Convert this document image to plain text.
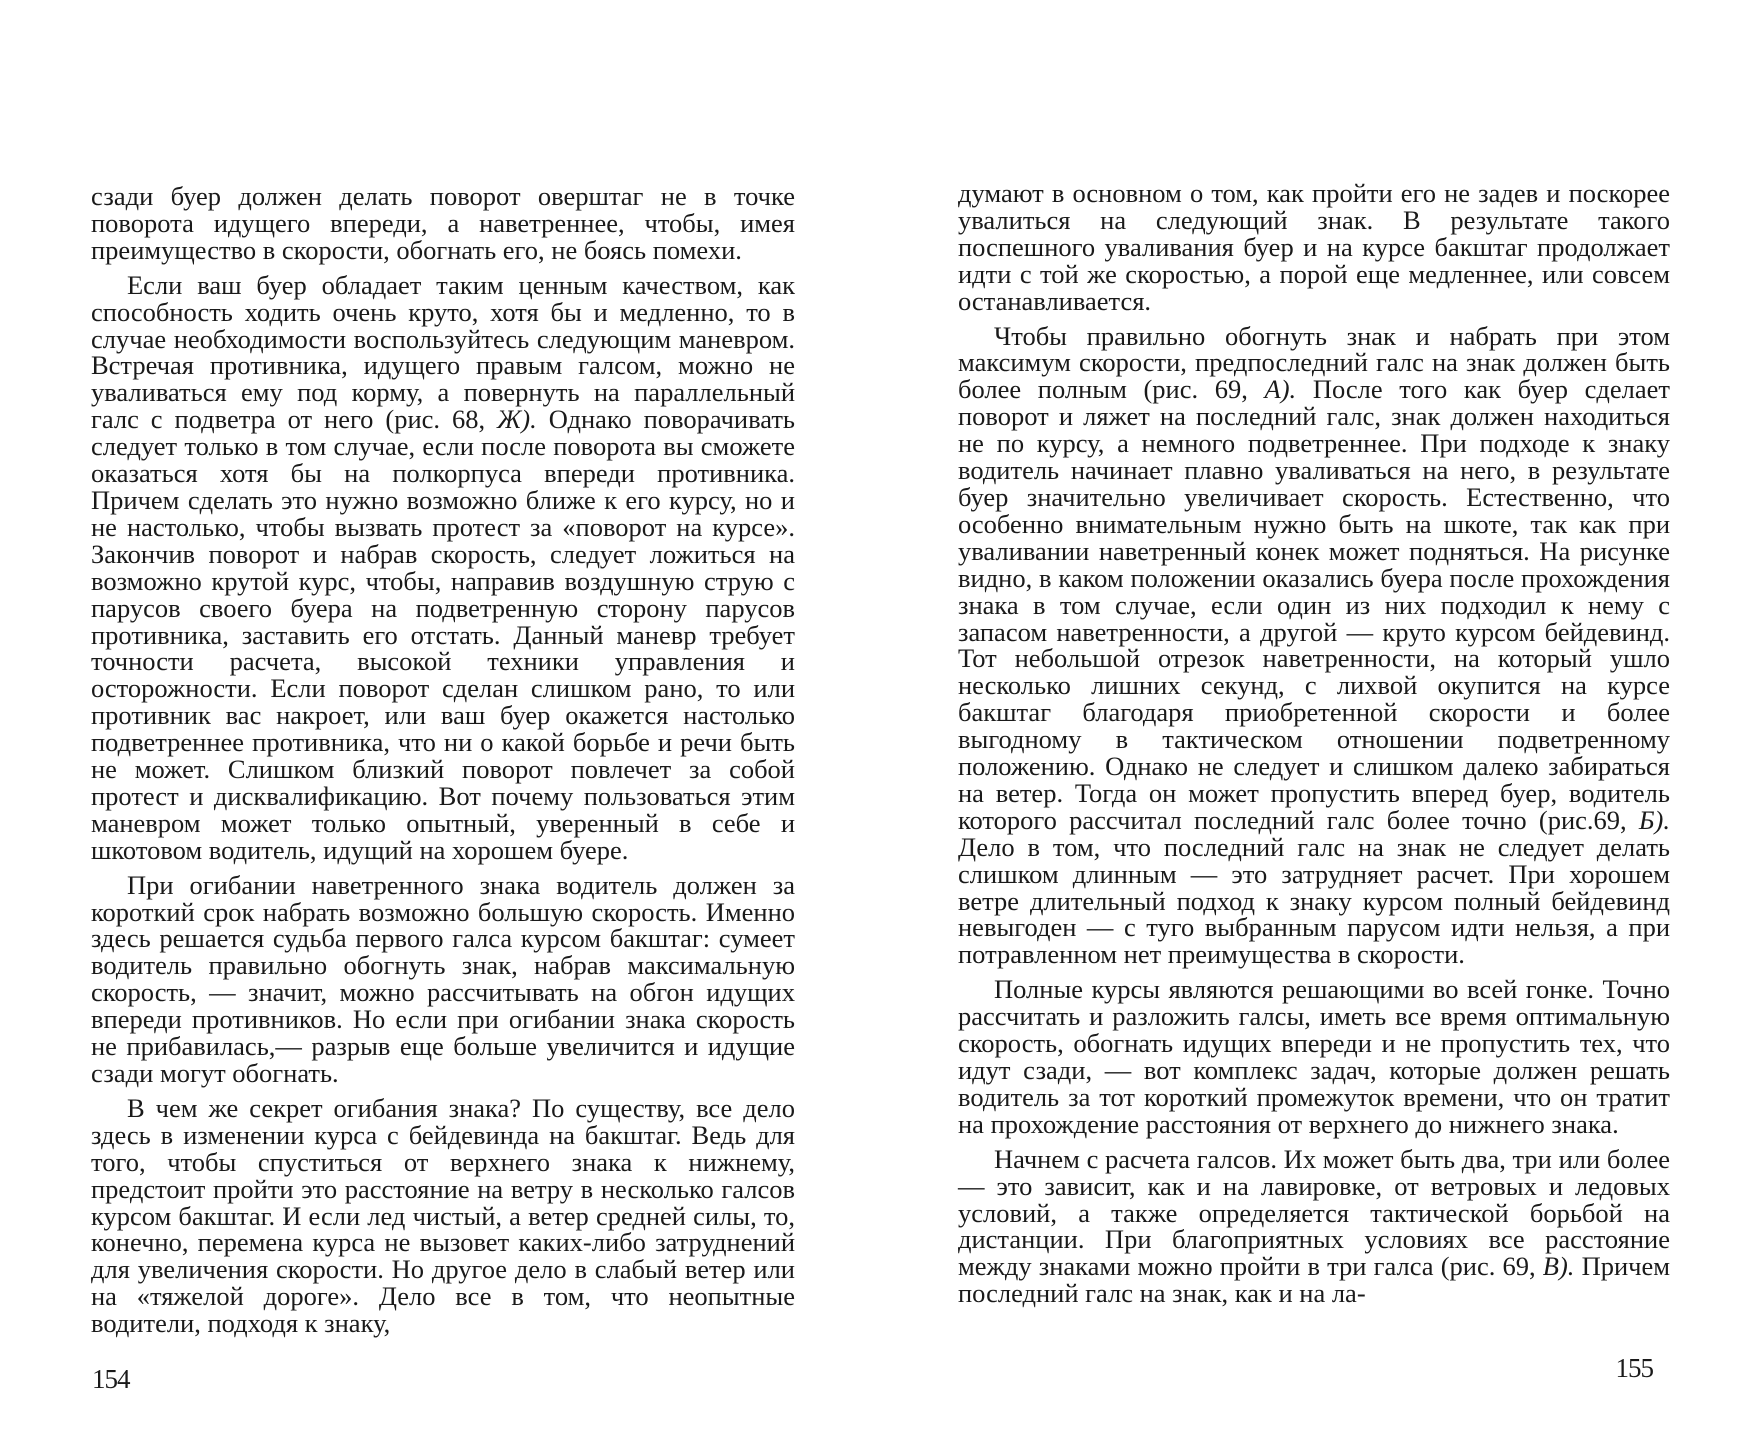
сзади буер должен делать поворот оверштаг не в точке поворота идущего впереди, а наветреннее, чтобы, имея преимущество в скорости, обогнать его, не боясь помехи.

Если ваш буер обладает таким ценным качеством, как способность ходить очень круто, хотя бы и медленно, то в случае необходимости воспользуйтесь следующим маневром. Встречая противника, идущего правым галсом, можно не уваливаться ему под корму, а повернуть на параллельный галс с подветра от него (рис. 68, Ж). Однако поворачивать следует только в том случае, если после поворота вы сможете оказаться хотя бы на полкорпуса впереди противника. Причем сделать это нужно возможно ближе к его курсу, но и не настолько, чтобы вызвать протест за «поворот на курсе». Закончив поворот и набрав скорость, следует ложиться на возможно крутой курс, чтобы, направив воздушную струю с парусов своего буера на подветренную сторону парусов противника, заставить его отстать. Данный маневр требует точности расчета, высокой техники управления и осторожности. Если поворот сделан слишком рано, то или противник вас накроет, или ваш буер окажется настолько подветреннее противника, что ни о какой борьбе и речи быть не может. Слишком близкий поворот повлечет за собой протест и дисквалификацию. Вот почему пользоваться этим маневром может только опытный, уверенный в себе и шкотовом водитель, идущий на хорошем буере.

При огибании наветренного знака водитель должен за короткий срок набрать возможно большую скорость. Именно здесь решается судьба первого галса курсом бакштаг: сумеет водитель правильно обогнуть знак, набрав максимальную скорость, — значит, можно рассчитывать на обгон идущих впереди противников. Но если при огибании знака скорость не прибавилась,— разрыв еще больше увеличится и идущие сзади могут обогнать.

В чем же секрет огибания знака? По существу, все дело здесь в изменении курса с бейдевинда на бакштаг. Ведь для того, чтобы спуститься от верхнего знака к нижнему, предстоит пройти это расстояние на ветру в несколько галсов курсом бакштаг. И если лед чистый, а ветер средней силы, то, конечно, перемена курса не вызовет каких-либо затруднений для увеличения скорости. Но другое дело в слабый ветер или на «тяжелой дороге». Дело все в том, что неопытные водители, подходя к знаку,

154

думают в основном о том, как пройти его не задев и поскорее увалиться на следующий знак. В результате такого поспешного уваливания буер и на курсе бакштаг продолжает идти с той же скоростью, а порой еще медленнее, или совсем останавливается.

Чтобы правильно обогнуть знак и набрать при этом максимум скорости, предпоследний галс на знак должен быть более полным (рис. 69, А). После того как буер сделает поворот и ляжет на последний галс, знак должен находиться не по курсу, а немного подветреннее. При подходе к знаку водитель начинает плавно уваливаться на него, в результате буер значительно увеличивает скорость. Естественно, что особенно внимательным нужно быть на шкоте, так как при уваливании наветренный конек может подняться. На рисунке видно, в каком положении оказались буера после прохождения знака в том случае, если один из них подходил к нему с запасом наветренности, а другой — круто курсом бейдевинд. Тот небольшой отрезок наветренности, на который ушло несколько лишних секунд, с лихвой окупится на курсе бакштаг благодаря приобретенной скорости и более выгодному в тактическом отношении подветренному положению. Однако не следует и слишком далеко забираться на ветер. Тогда он может пропустить вперед буер, водитель которого рассчитал последний галс более точно (рис.69, Б). Дело в том, что последний галс на знак не следует делать слишком длинным — это затрудняет расчет. При хорошем ветре длительный подход к знаку курсом полный бейдевинд невыгоден — с туго выбранным парусом идти нельзя, а при потравленном нет преимущества в скорости.

Полные курсы являются решающими во всей гонке. Точно рассчитать и разложить галсы, иметь все время оптимальную скорость, обогнать идущих впереди и не пропустить тех, что идут сзади, — вот комплекс задач, которые должен решать водитель за тот короткий промежуток времени, что он тратит на прохождение расстояния от верхнего до нижнего знака.

Начнем с расчета галсов. Их может быть два, три или более — это зависит, как и на лавировке, от ветровых и ледовых условий, а также определяется тактической борьбой на дистанции. При благоприятных условиях все расстояние между знаками можно пройти в три галса (рис. 69, В). Причем последний галс на знак, как и на ла-

155
